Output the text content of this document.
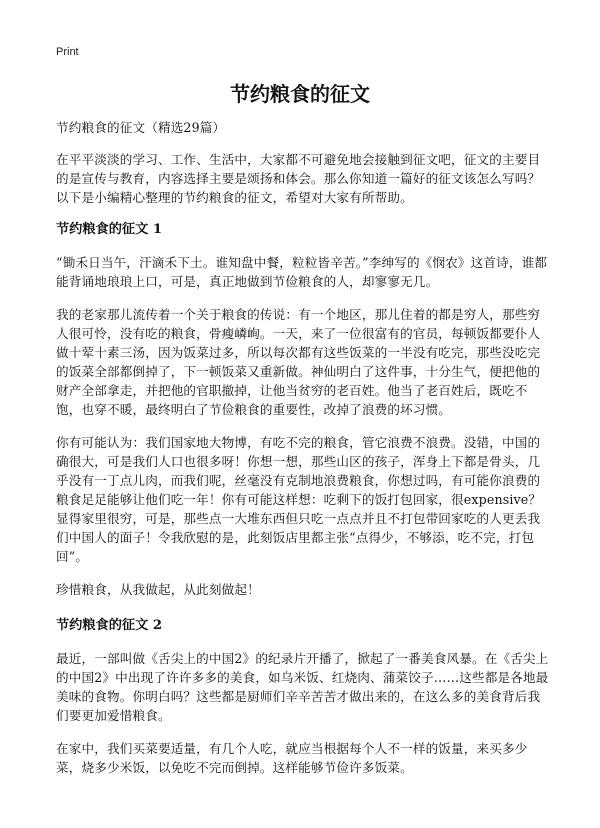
Print
节约粮食的征文

节约粮食的征文（精选29篇）

在平平淡淡的学习、工作、生活中，大家都不可避免地会接触到征文吧，征文的主要目的是宣传与教育，内容选择主要是颂扬和体会。那么你知道一篇好的征文该怎么写吗？以下是小编精心整理的节约粮食的征文，希望对大家有所帮助。

节约粮食的征文 1

“锄禾日当午，汗滴禾下土。谁知盘中餐，粒粒皆辛苦。”李绅写的《悯农》这首诗，谁都能背诵地琅琅上口，可是，真正地做到节俭粮食的人，却寥寥无几。

我的老家那儿流传着一个关于粮食的传说：有一个地区，那儿住着的都是穷人，那些穷人很可怜，没有吃的粮食，骨瘦嶙峋。一天，来了一位很富有的官员，每顿饭都要仆人做十荤十素三汤，因为饭菜过多，所以每次都有这些饭菜的一半没有吃完，那些没吃完的饭菜全部都倒掉了，下一顿饭菜又重新做。神仙明白了这件事，十分生气，便把他的财产全部拿走，并把他的官职撤掉，让他当贫穷的老百姓。他当了老百姓后，既吃不饱，也穿不暖，最终明白了节俭粮食的重要性，改掉了浪费的坏习惯。

你有可能认为：我们国家地大物博，有吃不完的粮食，管它浪费不浪费。没错，中国的确很大，可是我们人口也很多呀！你想一想，那些山区的孩子，浑身上下都是骨头，几乎没有一丁点儿肉，而我们呢，丝毫没有克制地浪费粮食，你想过吗，有可能你浪费的粮食足足能够让他们吃一年！你有可能这样想：吃剩下的饭打包回家，很expensive？显得家里很穷，可是，那些点一大堆东西但只吃一点点并且不打包带回家吃的人更丢我们中国人的面子！令我欣慰的是，此刻饭店里都主张“点得少，不够添，吃不完，打包回”。

珍惜粮食，从我做起，从此刻做起！

节约粮食的征文 2

最近，一部叫做《舌尖上的中国2》的纪录片开播了，掀起了一番美食风暴。在《舌尖上的中国2》中出现了许许多多的美食，如乌米饭、红烧肉、蒲菜饺子……这些都是各地最美味的食物。你明白吗？这些都是厨师们辛辛苦苦才做出来的，在这么多的美食背后我们要更加爱惜粮食。

在家中，我们买菜要适量，有几个人吃，就应当根据每个人不一样的饭量，来买多少菜，烧多少米饭，以免吃不完而倒掉。这样能够节俭许多饭菜。
